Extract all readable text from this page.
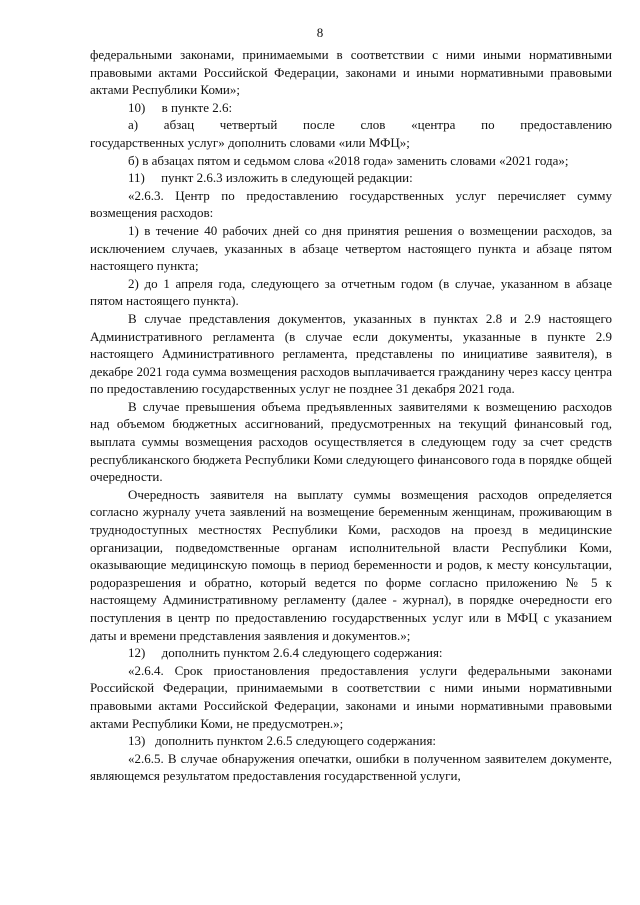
8

федеральными законами, принимаемыми в соответствии с ними иными нормативными правовыми актами Российской Федерации, законами и иными нормативными правовыми актами Республики Коми»;

10)  в пункте 2.6:

а)  абзац  четвертый  после  слов  «центра  по  предоставлению государственных услуг» дополнить словами «или МФЦ»;

б) в абзацах пятом и седьмом слова «2018 года» заменить словами «2021 года»;

11)  пункт 2.6.3 изложить в следующей редакции:

«2.6.3. Центр по предоставлению государственных услуг перечисляет сумму возмещения расходов:

1) в течение 40 рабочих дней со дня принятия решения о возмещении расходов, за исключением случаев, указанных в абзаце четвертом настоящего пункта и абзаце пятом настоящего пункта;

2) до 1 апреля года, следующего за отчетным годом (в случае, указанном в абзаце пятом настоящего пункта).

В случае представления документов, указанных в пунктах 2.8 и 2.9 настоящего Административного регламента (в случае если документы, указанные в пункте 2.9 настоящего Административного регламента, представлены по инициативе заявителя), в декабре 2021 года сумма возмещения расходов выплачивается гражданину через кассу центра по предоставлению государственных услуг не позднее 31 декабря 2021 года.

В случае превышения объема предъявленных заявителями к возмещению расходов над объемом бюджетных ассигнований, предусмотренных на текущий финансовый год, выплата суммы возмещения расходов осуществляется в следующем году за счет средств республиканского бюджета Республики Коми следующего финансового года в порядке общей очередности.

Очередность заявителя на выплату суммы возмещения расходов определяется согласно журналу учета заявлений на возмещение беременным женщинам, проживающим в труднодоступных местностях Республики Коми, расходов на проезд в медицинские организации, подведомственные органам исполнительной власти Республики Коми, оказывающие медицинскую помощь в период беременности и родов, к месту консультации, родоразрешения и обратно, который ведется по форме согласно приложению № 5 к настоящему Административному регламенту (далее - журнал), в порядке очередности его поступления в центр по предоставлению государственных услуг или в МФЦ с указанием даты и времени представления заявления и документов.»;

12)  дополнить пунктом 2.6.4 следующего содержания:

«2.6.4. Срок приостановления предоставления услуги федеральными законами Российской Федерации, принимаемыми в соответствии с ними иными нормативными правовыми актами Российской Федерации, законами и иными нормативными правовыми актами Республики Коми, не предусмотрен.»;

13)  дополнить пунктом 2.6.5 следующего содержания:

«2.6.5. В случае обнаружения опечатки, ошибки в полученном заявителем документе, являющемся результатом предоставления государственной услуги,
